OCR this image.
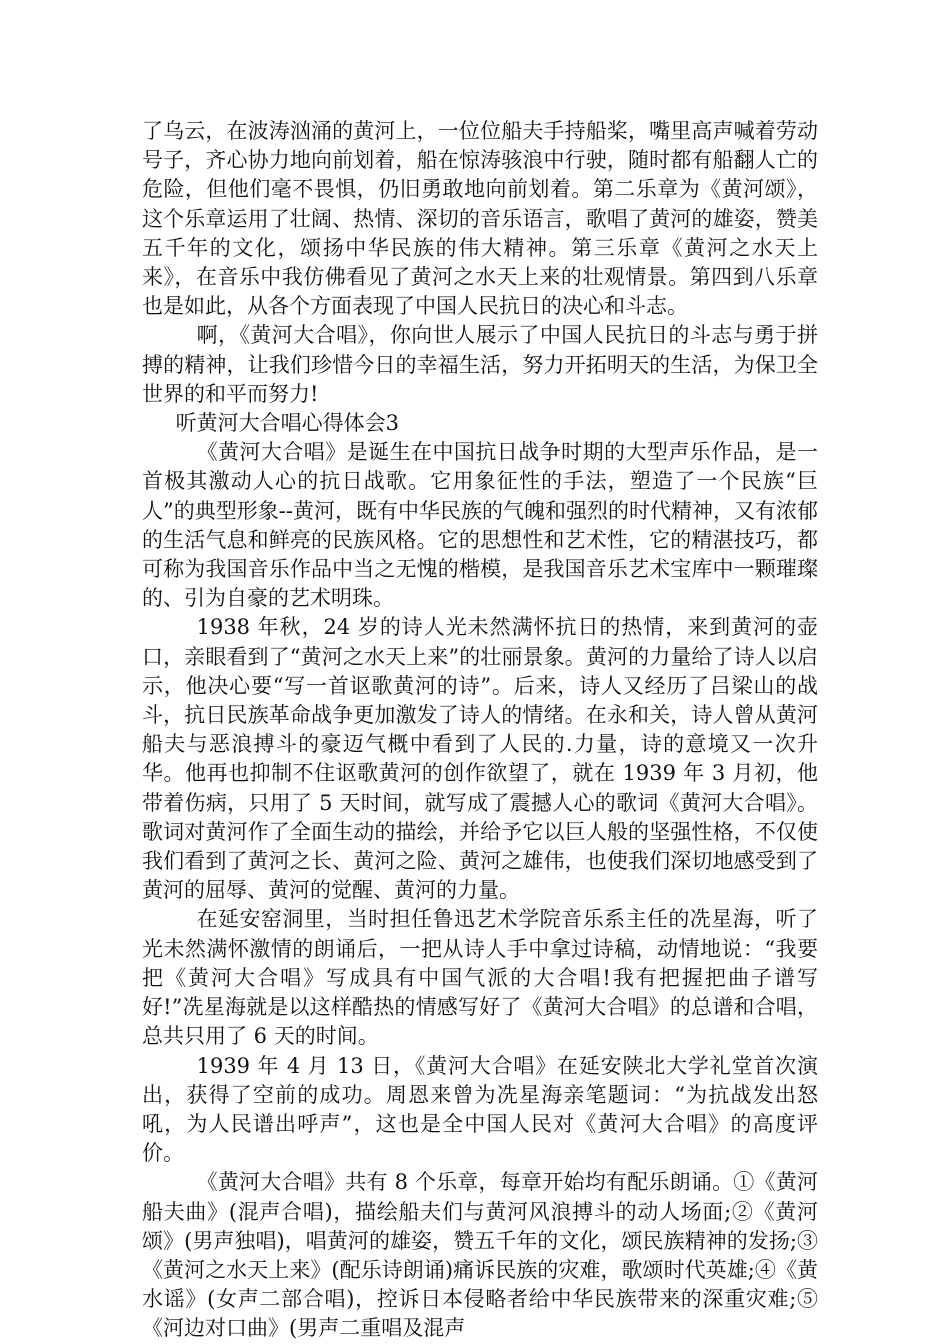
了乌云，在波涛汹涌的黄河上，一位位船夫手持船桨，嘴里高声喊着劳动号子，齐心协力地向前划着，船在惊涛骇浪中行驶，随时都有船翻人亡的危险，但他们毫不畏惧，仍旧勇敢地向前划着。第二乐章为《黄河颂》，这个乐章运用了壮阔、热情、深切的音乐语言，歌唱了黄河的雄姿，赞美五千年的文化，颂扬中华民族的伟大精神。第三乐章《黄河之水天上来》，在音乐中我仿佛看见了黄河之水天上来的壮观情景。第四到八乐章也是如此，从各个方面表现了中国人民抗日的决心和斗志。

啊，《黄河大合唱》，你向世人展示了中国人民抗日的斗志与勇于拼搏的精神，让我们珍惜今日的幸福生活，努力开拓明天的生活，为保卫全世界的和平而努力!

听黄河大合唱心得体会3

《黄河大合唱》是诞生在中国抗日战争时期的大型声乐作品，是一首极其激动人心的抗日战歌。它用象征性的手法，塑造了一个民族“巨人”的典型形象--黄河，既有中华民族的气魄和强烈的时代精神，又有浓郁的生活气息和鲜亮的民族风格。它的思想性和艺术性，它的精湛技巧，都可称为我国音乐作品中当之无愧的楷模，是我国音乐艺术宝库中一颗璀璨的、引为自豪的艺术明珠。

1938 年秋，24 岁的诗人光未然满怀抗日的热情，来到黄河的壶口，亲眼看到了“黄河之水天上来”的壮丽景象。黄河的力量给了诗人以启示，他决心要“写一首讴歌黄河的诗”。后来，诗人又经历了吕梁山的战斗，抗日民族革命战争更加激发了诗人的情绪。在永和关，诗人曾从黄河船夫与恶浪搏斗的豪迈气概中看到了人民的.力量，诗的意境又一次升华。他再也抑制不住讴歌黄河的创作欲望了，就在 1939 年 3 月初，他带着伤病，只用了 5 天时间，就写成了震撼人心的歌词《黄河大合唱》。歌词对黄河作了全面生动的描绘，并给予它以巨人般的坚强性格，不仅使我们看到了黄河之长、黄河之险、黄河之雄伟，也使我们深切地感受到了黄河的屈辱、黄河的觉醒、黄河的力量。

在延安窑洞里，当时担任鲁迅艺术学院音乐系主任的冼星海，听了光未然满怀激情的朗诵后，一把从诗人手中拿过诗稿，动情地说：“我要把《黄河大合唱》写成具有中国气派的大合唱!我有把握把曲子谱写好!”冼星海就是以这样酷热的情感写好了《黄河大合唱》的总谱和合唱，总共只用了 6 天的时间。

1939 年 4 月 13 日，《黄河大合唱》在延安陕北大学礼堂首次演出，获得了空前的成功。周恩来曾为冼星海亲笔题词：“为抗战发出怒吼，为人民谱出呼声”，这也是全中国人民对《黄河大合唱》的高度评价。

《黄河大合唱》共有 8 个乐章，每章开始均有配乐朗诵。①《黄河船夫曲》(混声合唱)，描绘船夫们与黄河风浪搏斗的动人场面;②《黄河颂》(男声独唱)，唱黄河的雄姿，赞五千年的文化，颂民族精神的发扬;③《黄河之水天上来》(配乐诗朗诵)痛诉民族的灾难，歌颂时代英雄;④《黄水谣》(女声二部合唱)，控诉日本侵略者给中华民族带来的深重灾难;⑤《河边对口曲》(男声二重唱及混声
